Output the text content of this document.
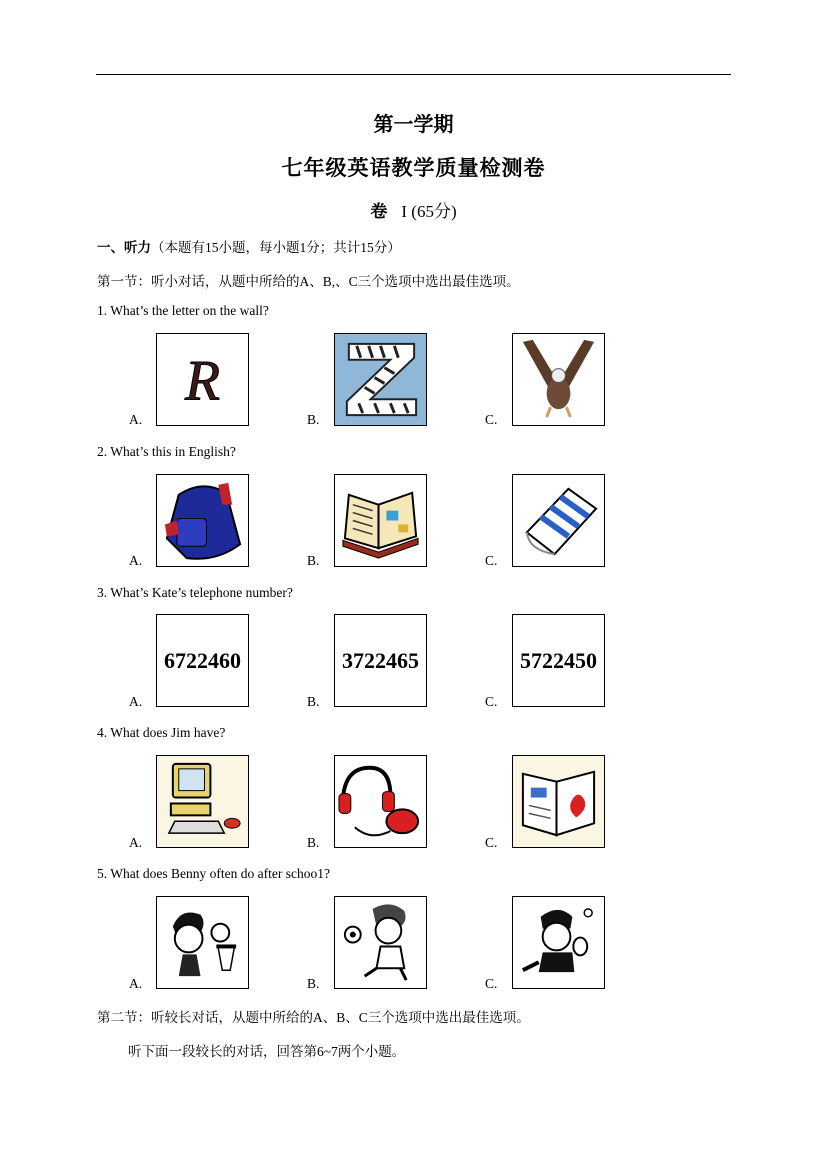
第一学期
七年级英语教学质量检测卷
卷 I (65分)
一、听力（本题有15小题，每小题1分；共计15分）
第一节：听小对话，从题中所给的A、B,、C三个选项中选出最佳选项。
1. What’s the letter on the wall?
A.
R
B.	C.
2. What’s this in English?
A.	B.	C.
3. What’s Kate’s telephone number?
A.
6722460
B.
3722465
C.
5722450
4. What does Jim have?
A.	B.	C.
5. What does Benny often do after schoo1?
A.	B.	C.
第二节：听较长对话，从题中所给的A、B、C三个选项中选出最佳选项。
听下面一段较长的对话，回答第6~7两个小题。
